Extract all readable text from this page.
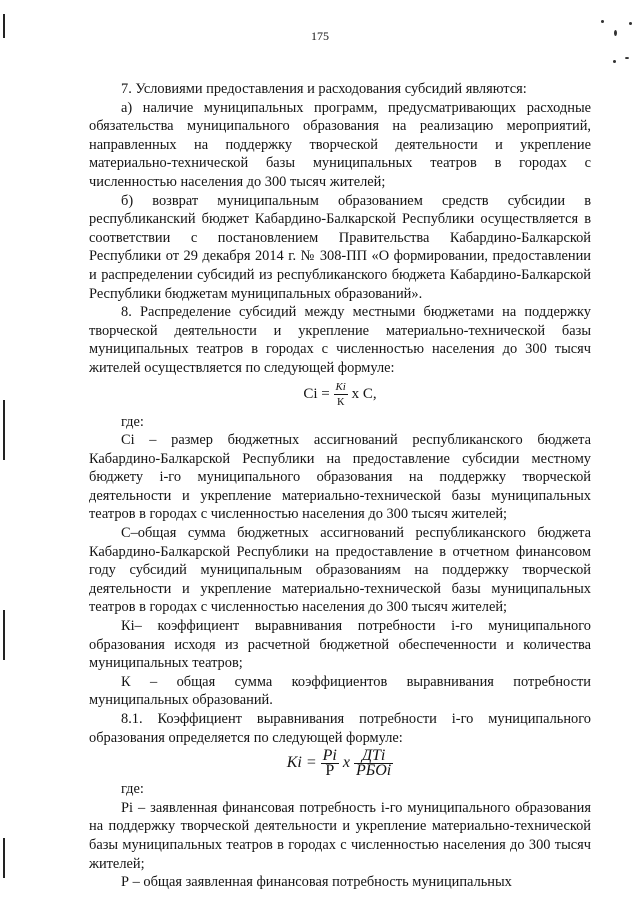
175

7. Условиями предоставления и расходования субсидий являются:

а) наличие муниципальных программ, предусматривающих расходные обязательства муниципального образования на реализацию мероприятий, направленных на поддержку творческой деятельности и укрепление материально-технической базы муниципальных театров в городах с численностью населения до 300 тысяч жителей;

б) возврат муниципальным образованием средств субсидии в республиканский бюджет Кабардино-Балкарской Республики осуществляется в соответствии с постановлением Правительства Кабардино-Балкарской Республики от 29 декабря 2014 г. № 308-ПП «О формировании, предоставлении и распределении субсидий из республиканского бюджета Кабардино-Балкарской Республики бюджетам муниципальных образований».

8. Распределение субсидий между местными бюджетами на поддержку творческой деятельности и укрепление материально-технической базы муниципальных театров в городах с численностью населения до 300 тысяч жителей осуществляется по следующей формуле:

$Ci = \frac{Кi}{К}$ x С,

где:

Ci – размер бюджетных ассигнований республиканского бюджета Кабардино-Балкарской Республики на предоставление субсидии местному бюджету i-го муниципального образования на поддержку творческой деятельности и укрепление материально-технической базы муниципальных театров в городах с численностью населения до 300 тысяч жителей;

С–общая сумма бюджетных ассигнований республиканского бюджета Кабардино-Балкарской Республики на предоставление в отчетном финансовом году субсидий муниципальным образованиям на поддержку творческой деятельности и укрепление материально-технической базы муниципальных театров в городах с численностью населения до 300 тысяч жителей;

Кi– коэффициент выравнивания потребности i-го муниципального образования исходя из расчетной бюджетной обеспеченности и количества муниципальных театров;

К – общая сумма коэффициентов выравнивания потребности муниципальных образований.

8.1. Коэффициент выравнивания потребности i-го муниципального образования определяется по следующей формуле:

Кi = $\frac{Pi}{Р}$ x $\frac{\text{ДТi}}{\text{РБОi}}$

где:

Pi – заявленная финансовая потребность i-го муниципального образования на поддержку творческой деятельности и укрепление материально-технической базы муниципальных театров в городах с численностью населения до 300 тысяч жителей;

Р – общая заявленная финансовая потребность муниципальных
